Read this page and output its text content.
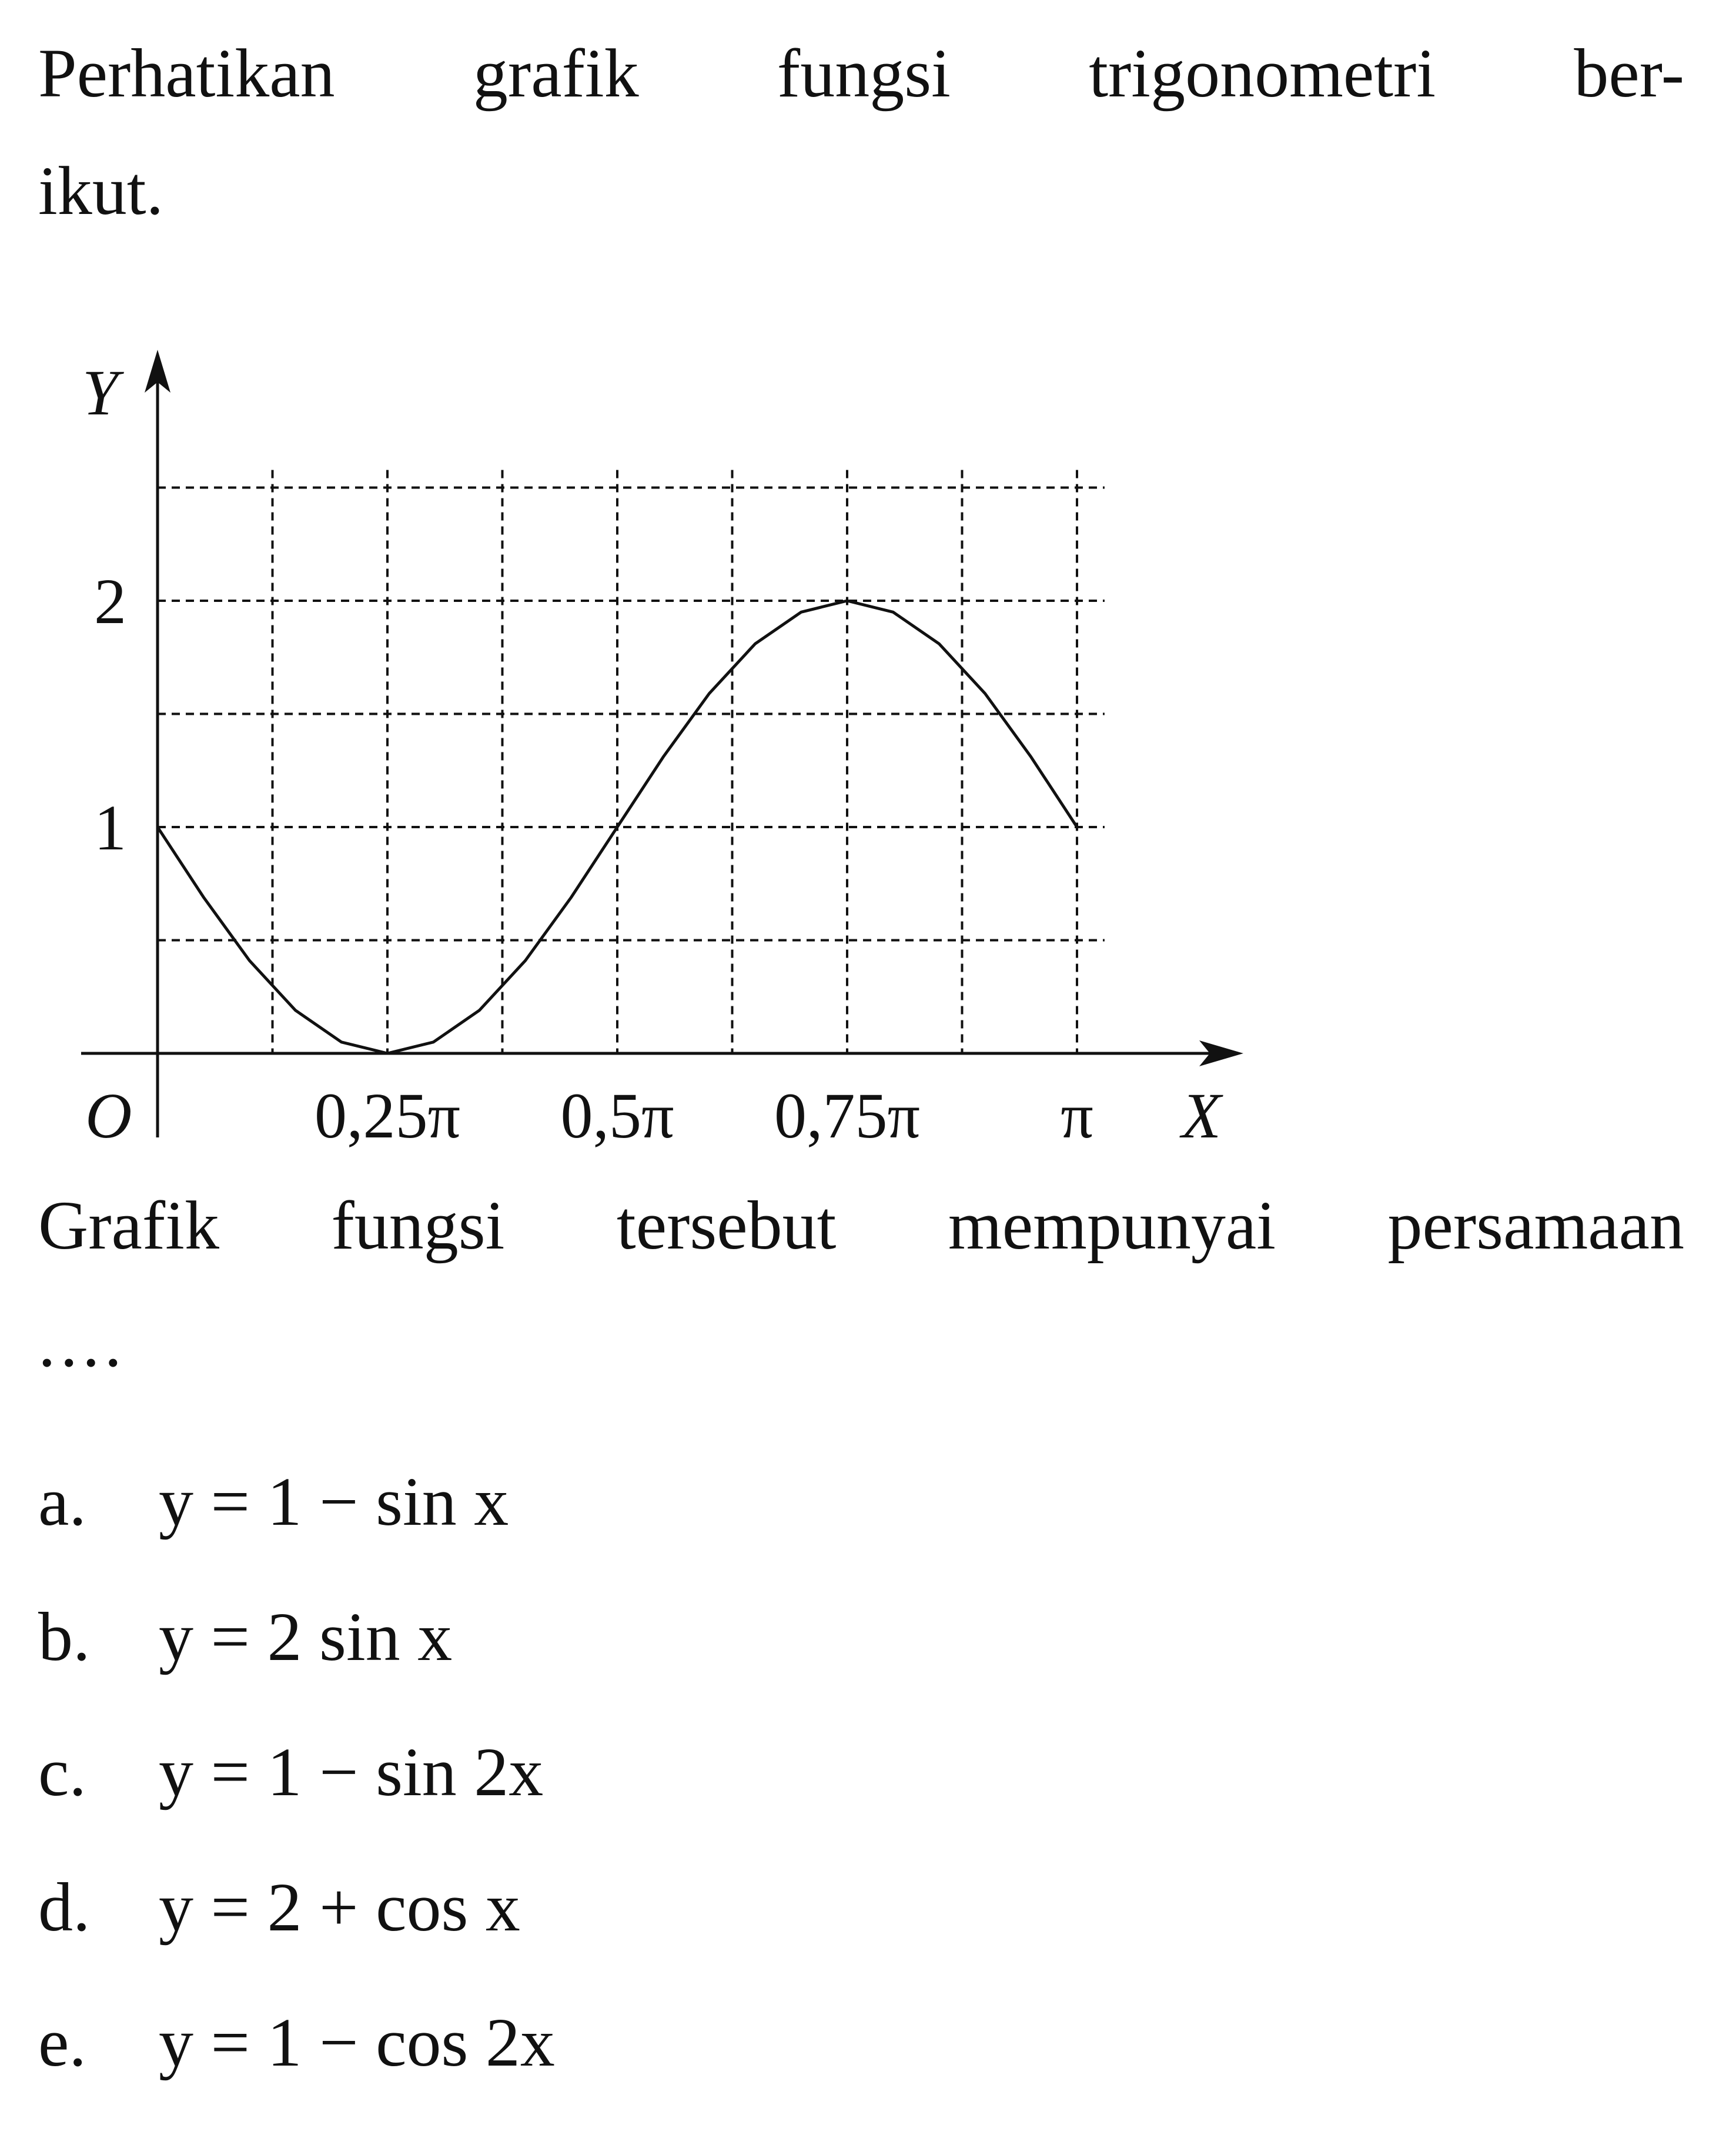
Perhatikan grafik fungsi trigonometri ber-
ikut.
Y
X
O	0,25π 0,5π 0,75π π
1
2
Grafik fungsi tersebut mempunyai persamaan
....
a.	y = 1 − sin x
b. y = 2 sin x
c.	y = 1 − sin 2x
d. y = 2 + cos x
e.	y = 1 − cos 2x
